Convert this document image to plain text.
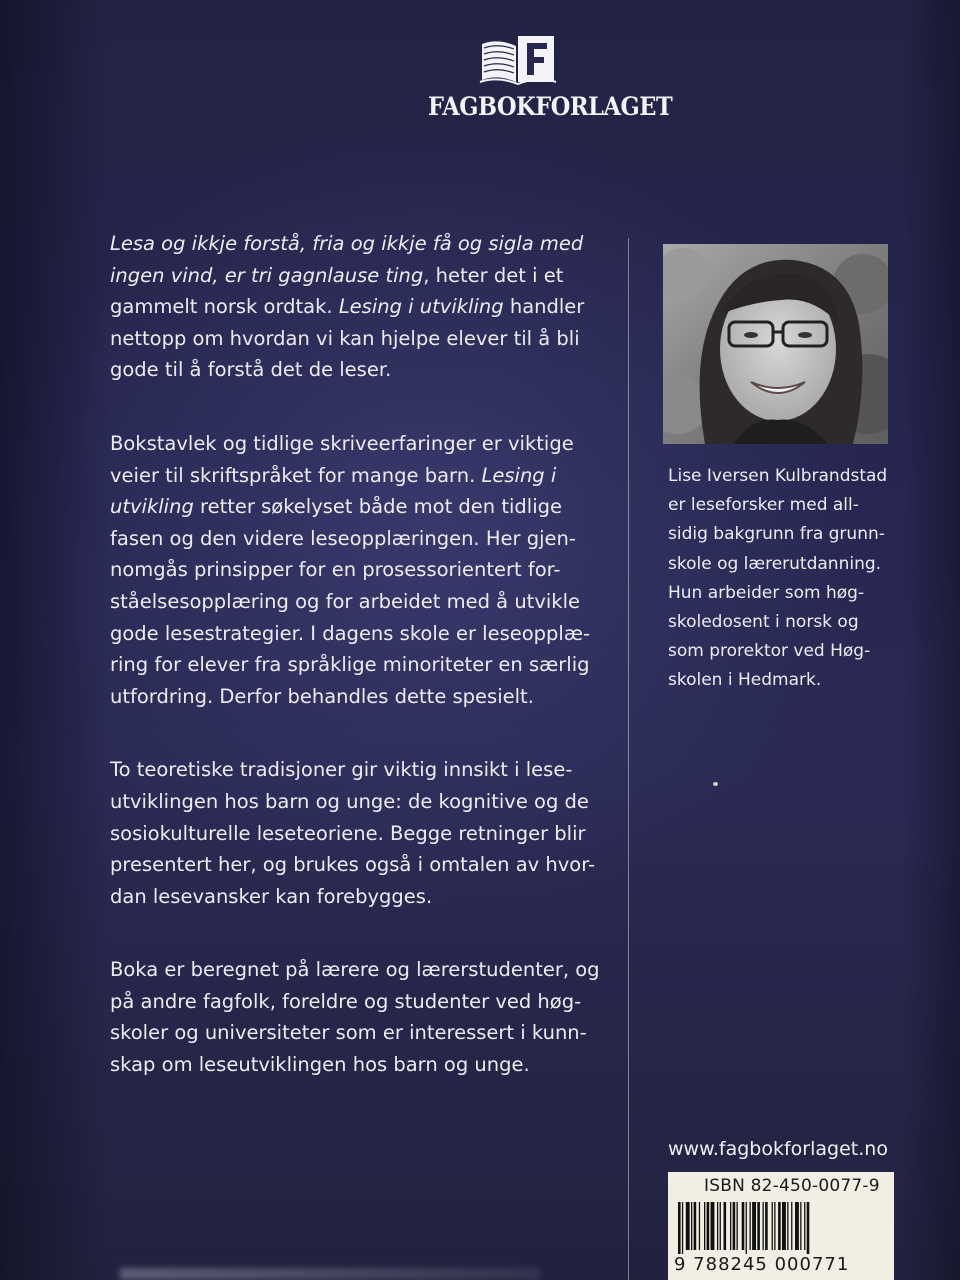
FAGBOKFORLAGET

Lesa og ikkje forstå, fria og ikkje få og sigla med
ingen vind, er tri gagnlause ting, heter det i et
gammelt norsk ordtak. Lesing i utvikling handler
nettopp om hvordan vi kan hjelpe elever til å bli
gode til å forstå det de leser.

Bokstavlek og tidlige skriveerfaringer er viktige
veier til skriftspråket for mange barn. Lesing i
utvikling retter søkelyset både mot den tidlige
fasen og den videre leseopplæringen. Her gjen-
nomgås prinsipper for en prosessorientert for-
ståelsesopplæring og for arbeidet med å utvikle
gode lesestrategier. I dagens skole er leseopplæ-
ring for elever fra språklige minoriteter en særlig
utfordring. Derfor behandles dette spesielt.

To teoretiske tradisjoner gir viktig innsikt i lese-
utviklingen hos barn og unge: de kognitive og de
sosiokulturelle leseteoriene. Begge retninger blir
presentert her, og brukes også i omtalen av hvor-
dan lesevansker kan forebygges.

Boka er beregnet på lærere og lærerstudenter, og
på andre fagfolk, foreldre og studenter ved høg-
skoler og universiteter som er interessert i kunn-
skap om leseutviklingen hos barn og unge.

Lise Iversen Kulbrandstad
er leseforsker med all-
sidig bakgrunn fra grunn-
skole og lærerutdanning.
Hun arbeider som høg-
skoledosent i norsk og
som prorektor ved Høg-
skolen i Hedmark.
www.fagbokforlaget.no
ISBN 82-450-0077-9
9 788245 000771
